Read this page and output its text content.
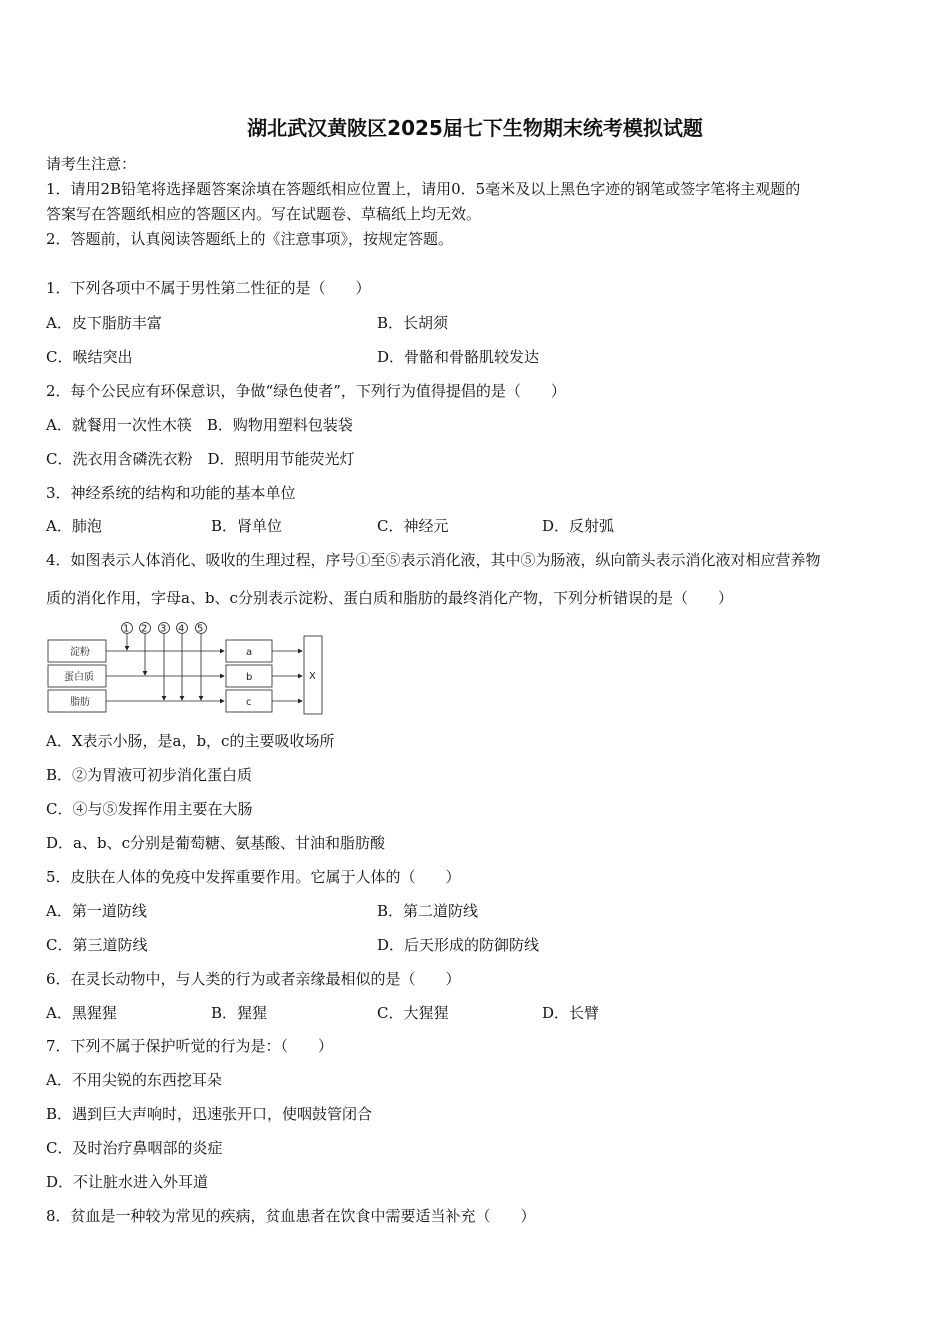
湖北武汉黄陂区2025届七下生物期末统考模拟试题
请考生注意：
1．请用2B铅笔将选择题答案涂填在答题纸相应位置上，请用0．5毫米及以上黑色字迹的钢笔或签字笔将主观题的
答案写在答题纸相应的答题区内。写在试题卷、草稿纸上均无效。
2．答题前，认真阅读答题纸上的《注意事项》，按规定答题。
1．下列各项中不属于男性第二性征的是（　　）
A．皮下脂肪丰富	B．长胡须
C．喉结突出	D．骨骼和骨骼肌较发达
2．每个公民应有环保意识，争做“绿色使者”，下列行为值得提倡的是（　　）
A．就餐用一次性木筷　B．购物用塑料包装袋
C．洗衣用含磷洗衣粉　D．照明用节能荧光灯
3．神经系统的结构和功能的基本单位
A．肺泡	B．肾单位	C．神经元	D．反射弧
4．如图表示人体消化、吸收的生理过程，序号①至⑤表示消化液，其中⑤为肠液，纵向箭头表示消化液对相应营养物
质的消化作用，字母a、b、c分别表示淀粉、蛋白质和脂肪的最终消化产物，下列分析错误的是（　　）
淀粉
蛋白质
脂肪
a
b
c
X
1 2 3 4 5
A．X表示小肠，是a，b，c的主要吸收场所
B．②为胃液可初步消化蛋白质
C．④与⑤发挥作用主要在大肠
D．a、b、c分别是葡萄糖、氨基酸、甘油和脂肪酸
5．皮肤在人体的免疫中发挥重要作用。它属于人体的（　　）
A．第一道防线	B．第二道防线
C．第三道防线	D．后天形成的防御防线
6．在灵长动物中，与人类的行为或者亲缘最相似的是（　　）
A．黑猩猩	B．猩猩	C．大猩猩	D．长臂
7．下列不属于保护听觉的行为是：（　　）
A．不用尖锐的东西挖耳朵
B．遇到巨大声响时，迅速张开口，使咽鼓管闭合
C．及时治疗鼻咽部的炎症
D．不让脏水进入外耳道
8．贫血是一种较为常见的疾病，贫血患者在饮食中需要适当补充（　　）
